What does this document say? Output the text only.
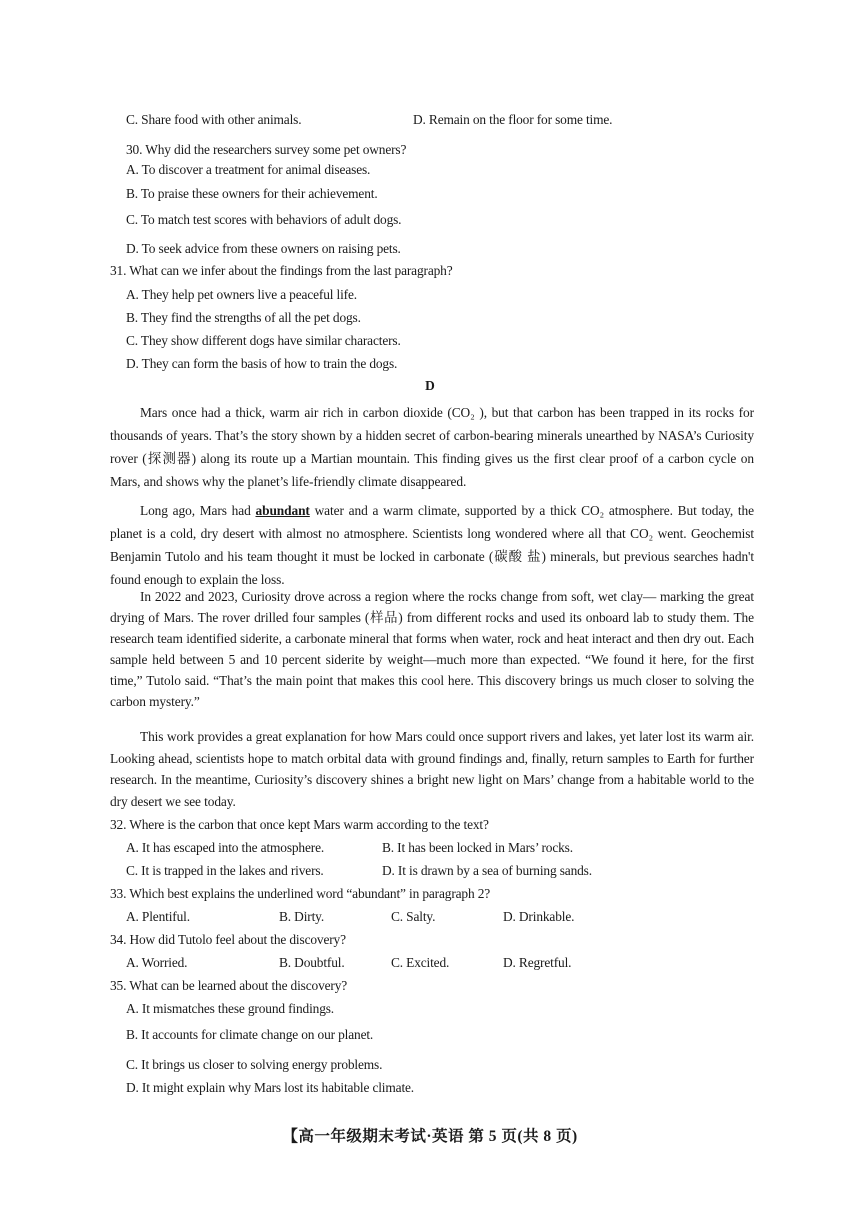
C. Share food with other animals.	D. Remain on the floor for some time.
30. Why did the researchers survey some pet owners?
A. To discover a treatment for animal diseases.
B. To praise these owners for their achievement.
C. To match test scores with behaviors of adult dogs.
D. To seek advice from these owners on raising pets.
31. What can we infer about the findings from the last paragraph?
A. They help pet owners live a peaceful life.
B. They find the strengths of all the pet dogs.
C. They show different dogs have similar characters.
D. They can form the basis of how to train the dogs.
D
Mars once had a thick, warm air rich in carbon dioxide (CO₂ ), but that carbon has been trapped in its rocks for thousands of years. That’s the story shown by a hidden secret of carbon-bearing minerals unearthed by NASA’s Curiosity rover (探测器) along its route up a Martian mountain. This finding gives us the first clear proof of a carbon cycle on Mars, and shows why the planet’s life-friendly climate disappeared.
Long ago, Mars had abundant water and a warm climate, supported by a thick CO₂ atmosphere. But today, the planet is a cold, dry desert with almost no atmosphere. Scientists long wondered where all that CO₂ went. Geochemist Benjamin Tutolo and his team thought it must be locked in carbonate (碳酸 盐) minerals, but previous searches hadn't found enough to explain the loss.
In 2022 and 2023, Curiosity drove across a region where the rocks change from soft, wet clay— marking the great drying of Mars. The rover drilled four samples (样品) from different rocks and used its onboard lab to study them. The research team identified siderite, a carbonate mineral that forms when water, rock and heat interact and then dry out. Each sample held between 5 and 10 percent siderite by weight—much more than expected. “We found it here, for the first time,” Tutolo said. “That’s the main point that makes this cool here. This discovery brings us much closer to solving the carbon mystery.”
This work provides a great explanation for how Mars could once support rivers and lakes, yet later lost its warm air. Looking ahead, scientists hope to match orbital data with ground findings and, finally, return samples to Earth for further research. In the meantime, Curiosity’s discovery shines a bright new light on Mars’ change from a habitable world to the dry desert we see today.
32. Where is the carbon that once kept Mars warm according to the text?
A. It has escaped into the atmosphere.	B. It has been locked in Mars’ rocks.
C. It is trapped in the lakes and rivers.	D. It is drawn by a sea of burning sands.
33. Which best explains the underlined word “abundant” in paragraph 2?
A. Plentiful.	B. Dirty.	C. Salty.	D. Drinkable.
34. How did Tutolo feel about the discovery?
A. Worried.	B. Doubtful.	C. Excited.	D. Regretful.
35. What can be learned about the discovery?
A. It mismatches these ground findings.
B. It accounts for climate change on our planet.
C. It brings us closer to solving energy problems.
D. It might explain why Mars lost its habitable climate.
【高一年级期末考试·英语 第 5 页(共 8 页)
